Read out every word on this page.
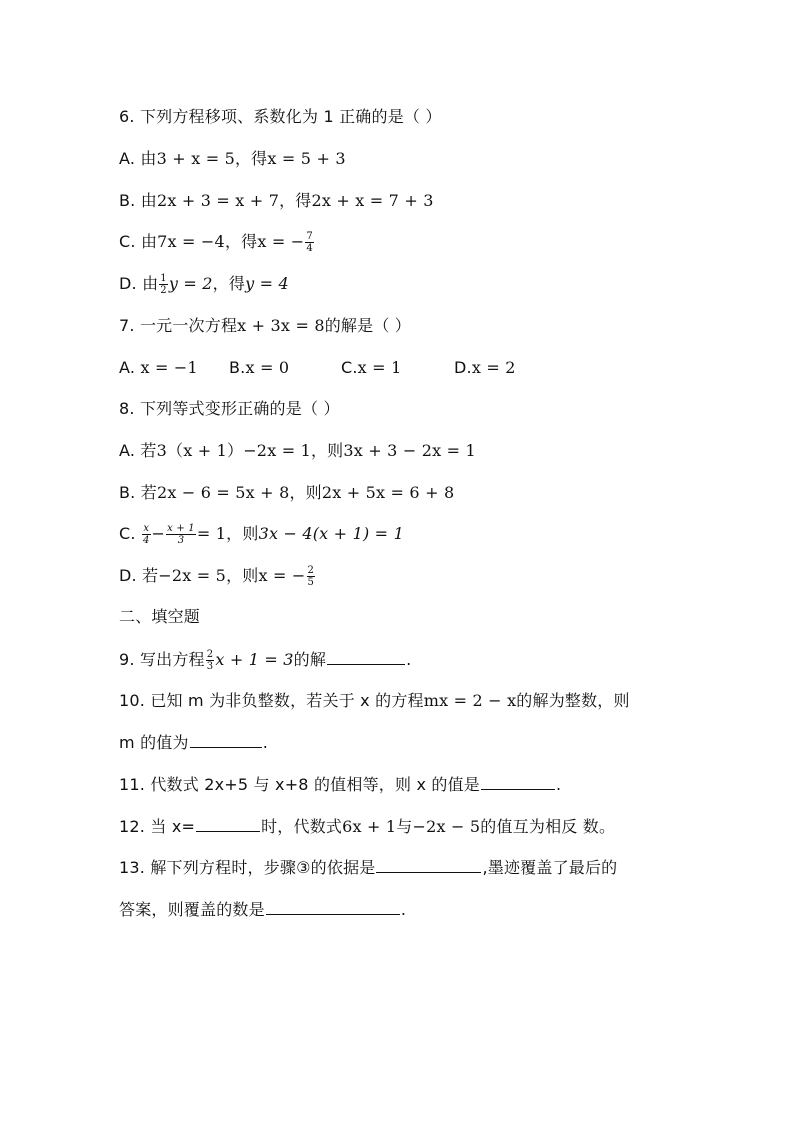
6. 下列方程移项、系数化为 1 正确的是（ ）
A. 由3 + x = 5，得x = 5 + 3
B. 由2x + 3 = x + 7，得2x + x = 7 + 3
C. 由7x = −4，得x = − $\frac{7}{4}$
D. 由 $\frac{1}{2}$ y = 2，得y = 4
7. 一元一次方程x + 3x = 8的解是（ ）
A. x = −1 B.x = 0	C.x = 1	D.x = 2
8. 下列等式变形正确的是（ ）
A. 若3（x + 1）−2x = 1，则3x + 3 − 2x = 1
B. 若2x − 6 = 5x + 8，则2x + 5x = 6 + 8
C. $\frac{x}{4} - \frac{x + 1}{3} = 1$，则3x − 4(x + 1) = 1
D. 若−2x = 5，则x = − $\frac{2}{5}$
二、填空题
9. 写出方程 $\frac{2}{3}$ x + 1 = 3的解	.
10. 已知 m 为非负整数，若关于 x 的方程mx = 2 − x的解为整数，则
m 的值为	.
11. 代数式 2x+5 与 x+8 的值相等，则 x 的值是	.
12. 当 x=	时，代数式6x + 1与−2x − 5的值互为相反 数。
13. 解下列方程时，步骤③的依据是	,墨迹覆盖了最后的
答案，则覆盖的数是	.
